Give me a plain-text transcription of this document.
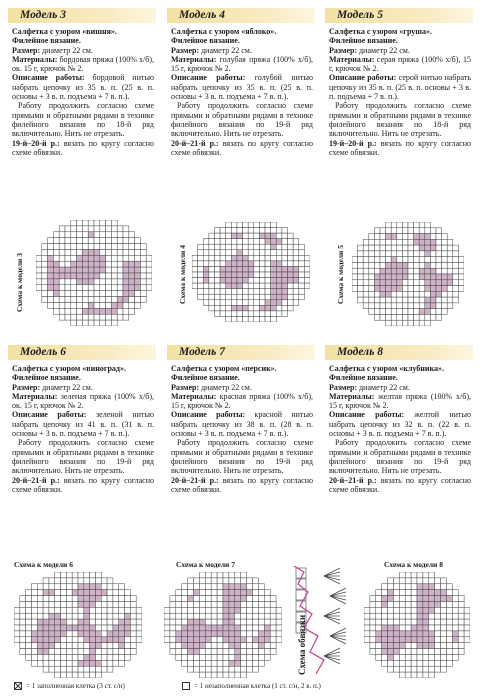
Модель 3

Салфетка с узором «вишня».

Филейное вязание.

Размер: диаметр 22 см.

Материалы: бордовая пряжа (100% х/б), ок. 15 г, крючок № 2.

Описание работы: бордовой нитью набрать цепочку из 35 в. п. (25 в. п. основы + 3 в. п. подъема + 7 в. п.).

Работу продолжить согласно схеме прямыми и обратными рядами в технике филейного вязания по 18-й ряд включительно. Нить не отрезать.

19-й–20-й р.: вязать по кругу согласно схеме обвязки.

Модель 4

Салфетка с узором «яблоко».

Филейное вязание.

Размер: диаметр 22 см.

Материалы: голубая пряжа (100% х/б), 15 г, крючок № 2.

Описание работы: голубой нитью набрать цепочку из 35 в. п. (25 в. п. основы + 3 в. п. подъема + 7 в. п.).

Работу продолжить согласно схеме прямыми и обратными рядами в технике филейного вязания по 19-й ряд включительно. Нить не отрезать.

20-й–21-й р.: вязать по кругу согласно схеме обвязки.

Модель 5

Салфетка с узором «груша».

Филейное вязание.

Размер: диаметр 22 см.

Материалы: серая пряжа (100% х/б), 15 г, крючок № 2.

Описание работы: серой нитью набрать цепочку из 35 в. п. (25 в. п. основы + 3 в. п. подъема + 7 в. п.).

Работу продолжить согласно схеме прямыми и обратными рядами в технике филейного вязания по 18-й ряд включительно. Нить не отрезать.

19-й–20-й р.: вязать по кругу согласно схеме обвязки.

Схема к модели 3	Схема к модели 4	Схема к модели 5
Модель 6

Салфетка с узором «виноград».

Филейное вязание.

Размер: диаметр 22 см.

Материалы: зеленая пряжа (100% х/б), ок. 15 г, крючок № 2.

Описание работы: зеленой нитью набрать цепочку из 41 в. п. (31 в. п. основы + 3 в. п. подъема + 7 в. п.).

Работу продолжить согласно схеме прямыми и обратными рядами в технике филейного вязания по 19-й ряд включительно. Нить не отрезать.

20-й–21-й р.: вязать по кругу согласно схеме обвязки.

Модель 7

Салфетка с узором «персик».

Филейное вязание.

Размер: диаметр 22 см.

Материалы: красная пряжа (100% х/б), 15 г, крючок № 2.

Описание работы: красной нитью набрать цепочку из 38 в. п. (28 в. п. основы + 3 в. п. подъема + 7 в. п.).

Работу продолжить согласно схеме прямыми и обратными рядами в технике филейного вязания по 19-й ряд включительно. Нить не отрезать.

20-й–21-й р.: вязать по кругу согласно схеме обвязки.

Модель 8

Салфетка с узором «клубника».

Филейное вязание.

Размер: диаметр 22 см.

Материалы: желтая пряжа (100% х/б), 15 г, крючок № 2.

Описание работы: желтой нитью набрать цепочку из 32 в. п. (22 в. п. основы + 3 в. п. подъема + 7 в. п.).

Работу продолжить согласно схеме прямыми и обратными рядами в технике филейного вязания по 19-й ряд включительно. Нить не отрезать.

20-й–21-й р.: вязать по кругу согласно схеме обвязки.

Схема к модели 6	Схема к модели 7
Схема обвязки
Схема к модели 8
= 1 заполненная клетка (3 ст. с/н)	= 1 незаполненная клетка (1 ст. с/н, 2 в. п.)
